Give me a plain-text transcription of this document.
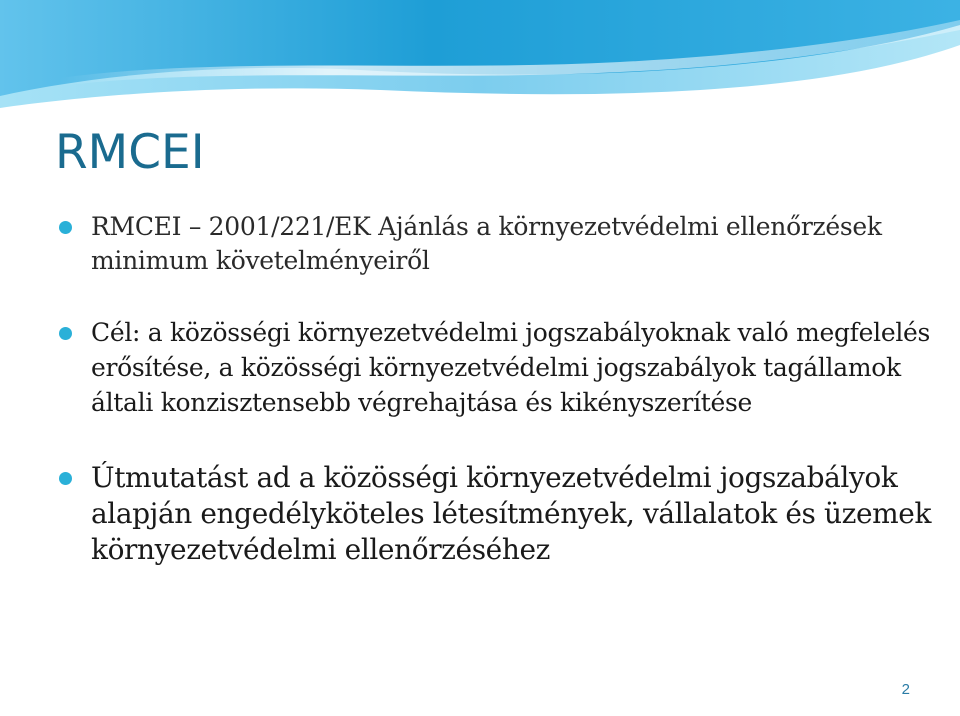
RMCEI
RMCEI – 2001/221/EK Ajánlás a környezetvédelmi ellenőrzések minimum követelményeiről
Cél: a közösségi környezetvédelmi jogszabályoknak való megfelelés erősítése, a közösségi környezetvédelmi jogszabályok tagállamok általi konzisztensebb végrehajtása és kikényszerítése
Útmutatást ad a közösségi környezetvédelmi jogszabályok alapján engedélyköteles létesítmények, vállalatok és üzemek környezetvédelmi ellenőrzéséhez
2
